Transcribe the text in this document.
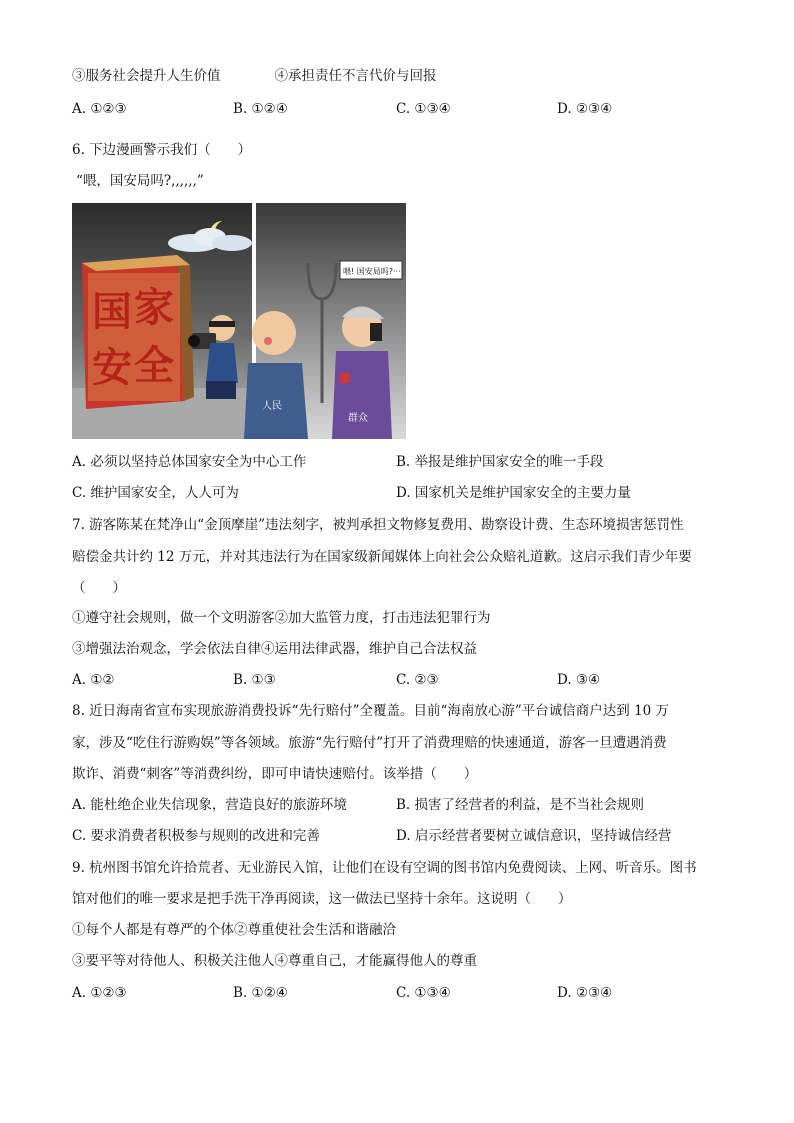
③服务社会提升人生价值　　　　④承担责任不言代价与回报
A. ①②③	B. ①②④	C. ①③④	D. ②③④
6. 下边漫画警示我们（　　）
“喂，国安局吗?,,,,,,”
国 家
安 全
喂! 国安局吗?····
人民
群众
A. 必须以坚持总体国家安全为中心工作	B. 举报是维护国家安全的唯一手段
C. 维护国家安全，人人可为	D. 国家机关是维护国家安全的主要力量
7. 游客陈某在梵净山“金顶摩崖”违法刻字，被判承担文物修复费用、勘察设计费、生态环境损害惩罚性
赔偿金共计约 12 万元，并对其违法行为在国家级新闻媒体上向社会公众赔礼道歉。这启示我们青少年要
（　　）
①遵守社会规则，做一个文明游客②加大监管力度，打击违法犯罪行为
③增强法治观念，学会依法自律④运用法律武器，维护自己合法权益
A. ①②	B. ①③	C. ②③	D. ③④
8. 近日海南省宣布实现旅游消费投诉“先行赔付”全覆盖。目前“海南放心游”平台诚信商户达到 10 万
家，涉及“吃住行游购娱”等各领域。旅游“先行赔付”打开了消费理赔的快速通道，游客一旦遭遇消费
欺诈、消费“刺客”等消费纠纷，即可申请快速赔付。该举措（　　）
A. 能杜绝企业失信现象，营造良好的旅游环境	B. 损害了经营者的利益，是不当社会规则
C. 要求消费者积极参与规则的改进和完善	D. 启示经营者要树立诚信意识，坚持诚信经营
9. 杭州图书馆允许拾荒者、无业游民入馆，让他们在设有空调的图书馆内免费阅读、上网、听音乐。图书
馆对他们的唯一要求是把手洗干净再阅读，这一做法已坚持十余年。这说明（　　）
①每个人都是有尊严的个体②尊重使社会生活和谐融洽
③要平等对待他人、积极关注他人④尊重自己，才能赢得他人的尊重
A. ①②③	B. ①②④	C. ①③④	D. ②③④
